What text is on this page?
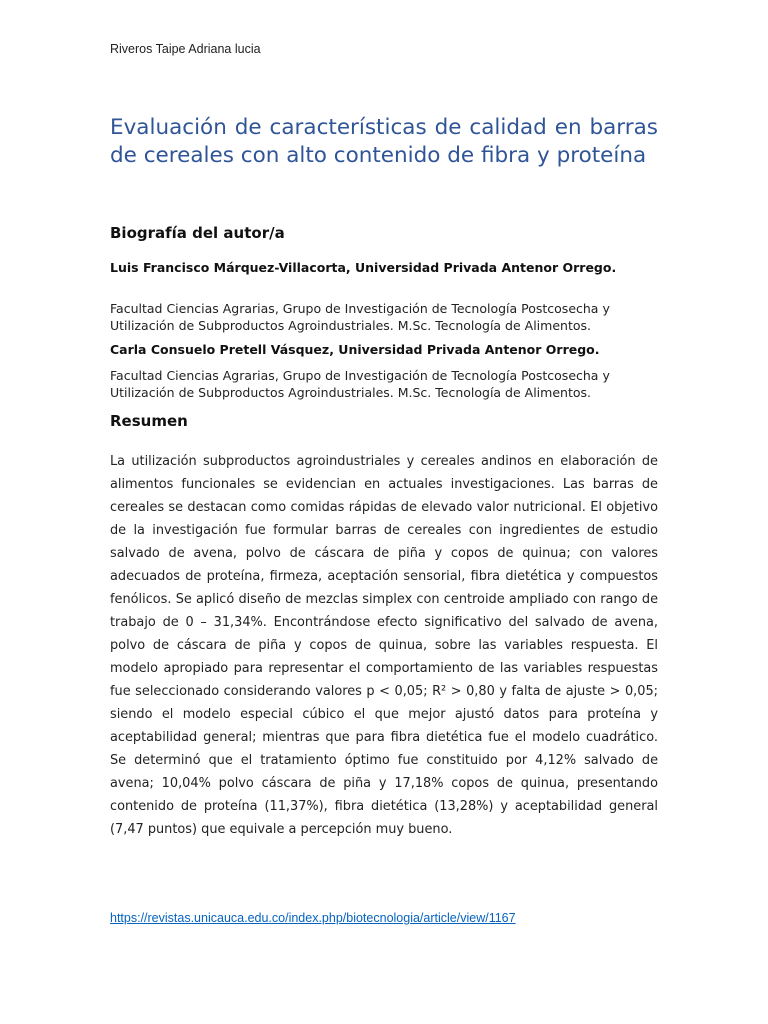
Riveros Taipe Adriana lucia
Evaluación de características de calidad en barras de cereales con alto contenido de fibra y proteína
Biografía del autor/a

Luis Francisco Márquez-Villacorta, Universidad Privada Antenor Orrego.

Facultad Ciencias Agrarias, Grupo de Investigación de Tecnología Postcosecha y Utilización de Subproductos Agroindustriales. M.Sc. Tecnología de Alimentos.

Carla Consuelo Pretell Vásquez, Universidad Privada Antenor Orrego.

Facultad Ciencias Agrarias, Grupo de Investigación de Tecnología Postcosecha y Utilización de Subproductos Agroindustriales. M.Sc. Tecnología de Alimentos.

Resumen

La utilización subproductos agroindustriales y cereales andinos en elaboración de alimentos funcionales se evidencian en actuales investigaciones. Las barras de cereales se destacan como comidas rápidas de elevado valor nutricional. El objetivo de la investigación fue formular barras de cereales con ingredientes de estudio salvado de avena, polvo de cáscara de piña y copos de quinua; con valores adecuados de proteína, firmeza, aceptación sensorial, fibra dietética y compuestos fenólicos. Se aplicó diseño de mezclas simplex con centroide ampliado con rango de trabajo de 0 – 31,34%. Encontrándose efecto significativo del salvado de avena, polvo de cáscara de piña y copos de quinua, sobre las variables respuesta. El modelo apropiado para representar el comportamiento de las variables respuestas fue seleccionado considerando valores p < 0,05; R² > 0,80 y falta de ajuste > 0,05; siendo el modelo especial cúbico el que mejor ajustó datos para proteína y aceptabilidad general; mientras que para fibra dietética fue el modelo cuadrático. Se determinó que el tratamiento óptimo fue constituido por 4,12% salvado de avena; 10,04% polvo cáscara de piña y 17,18% copos de quinua, presentando contenido de proteína (11,37%), fibra dietética (13,28%) y aceptabilidad general (7,47 puntos) que equivale a percepción muy bueno.

https://revistas.unicauca.edu.co/index.php/biotecnologia/article/view/1167
